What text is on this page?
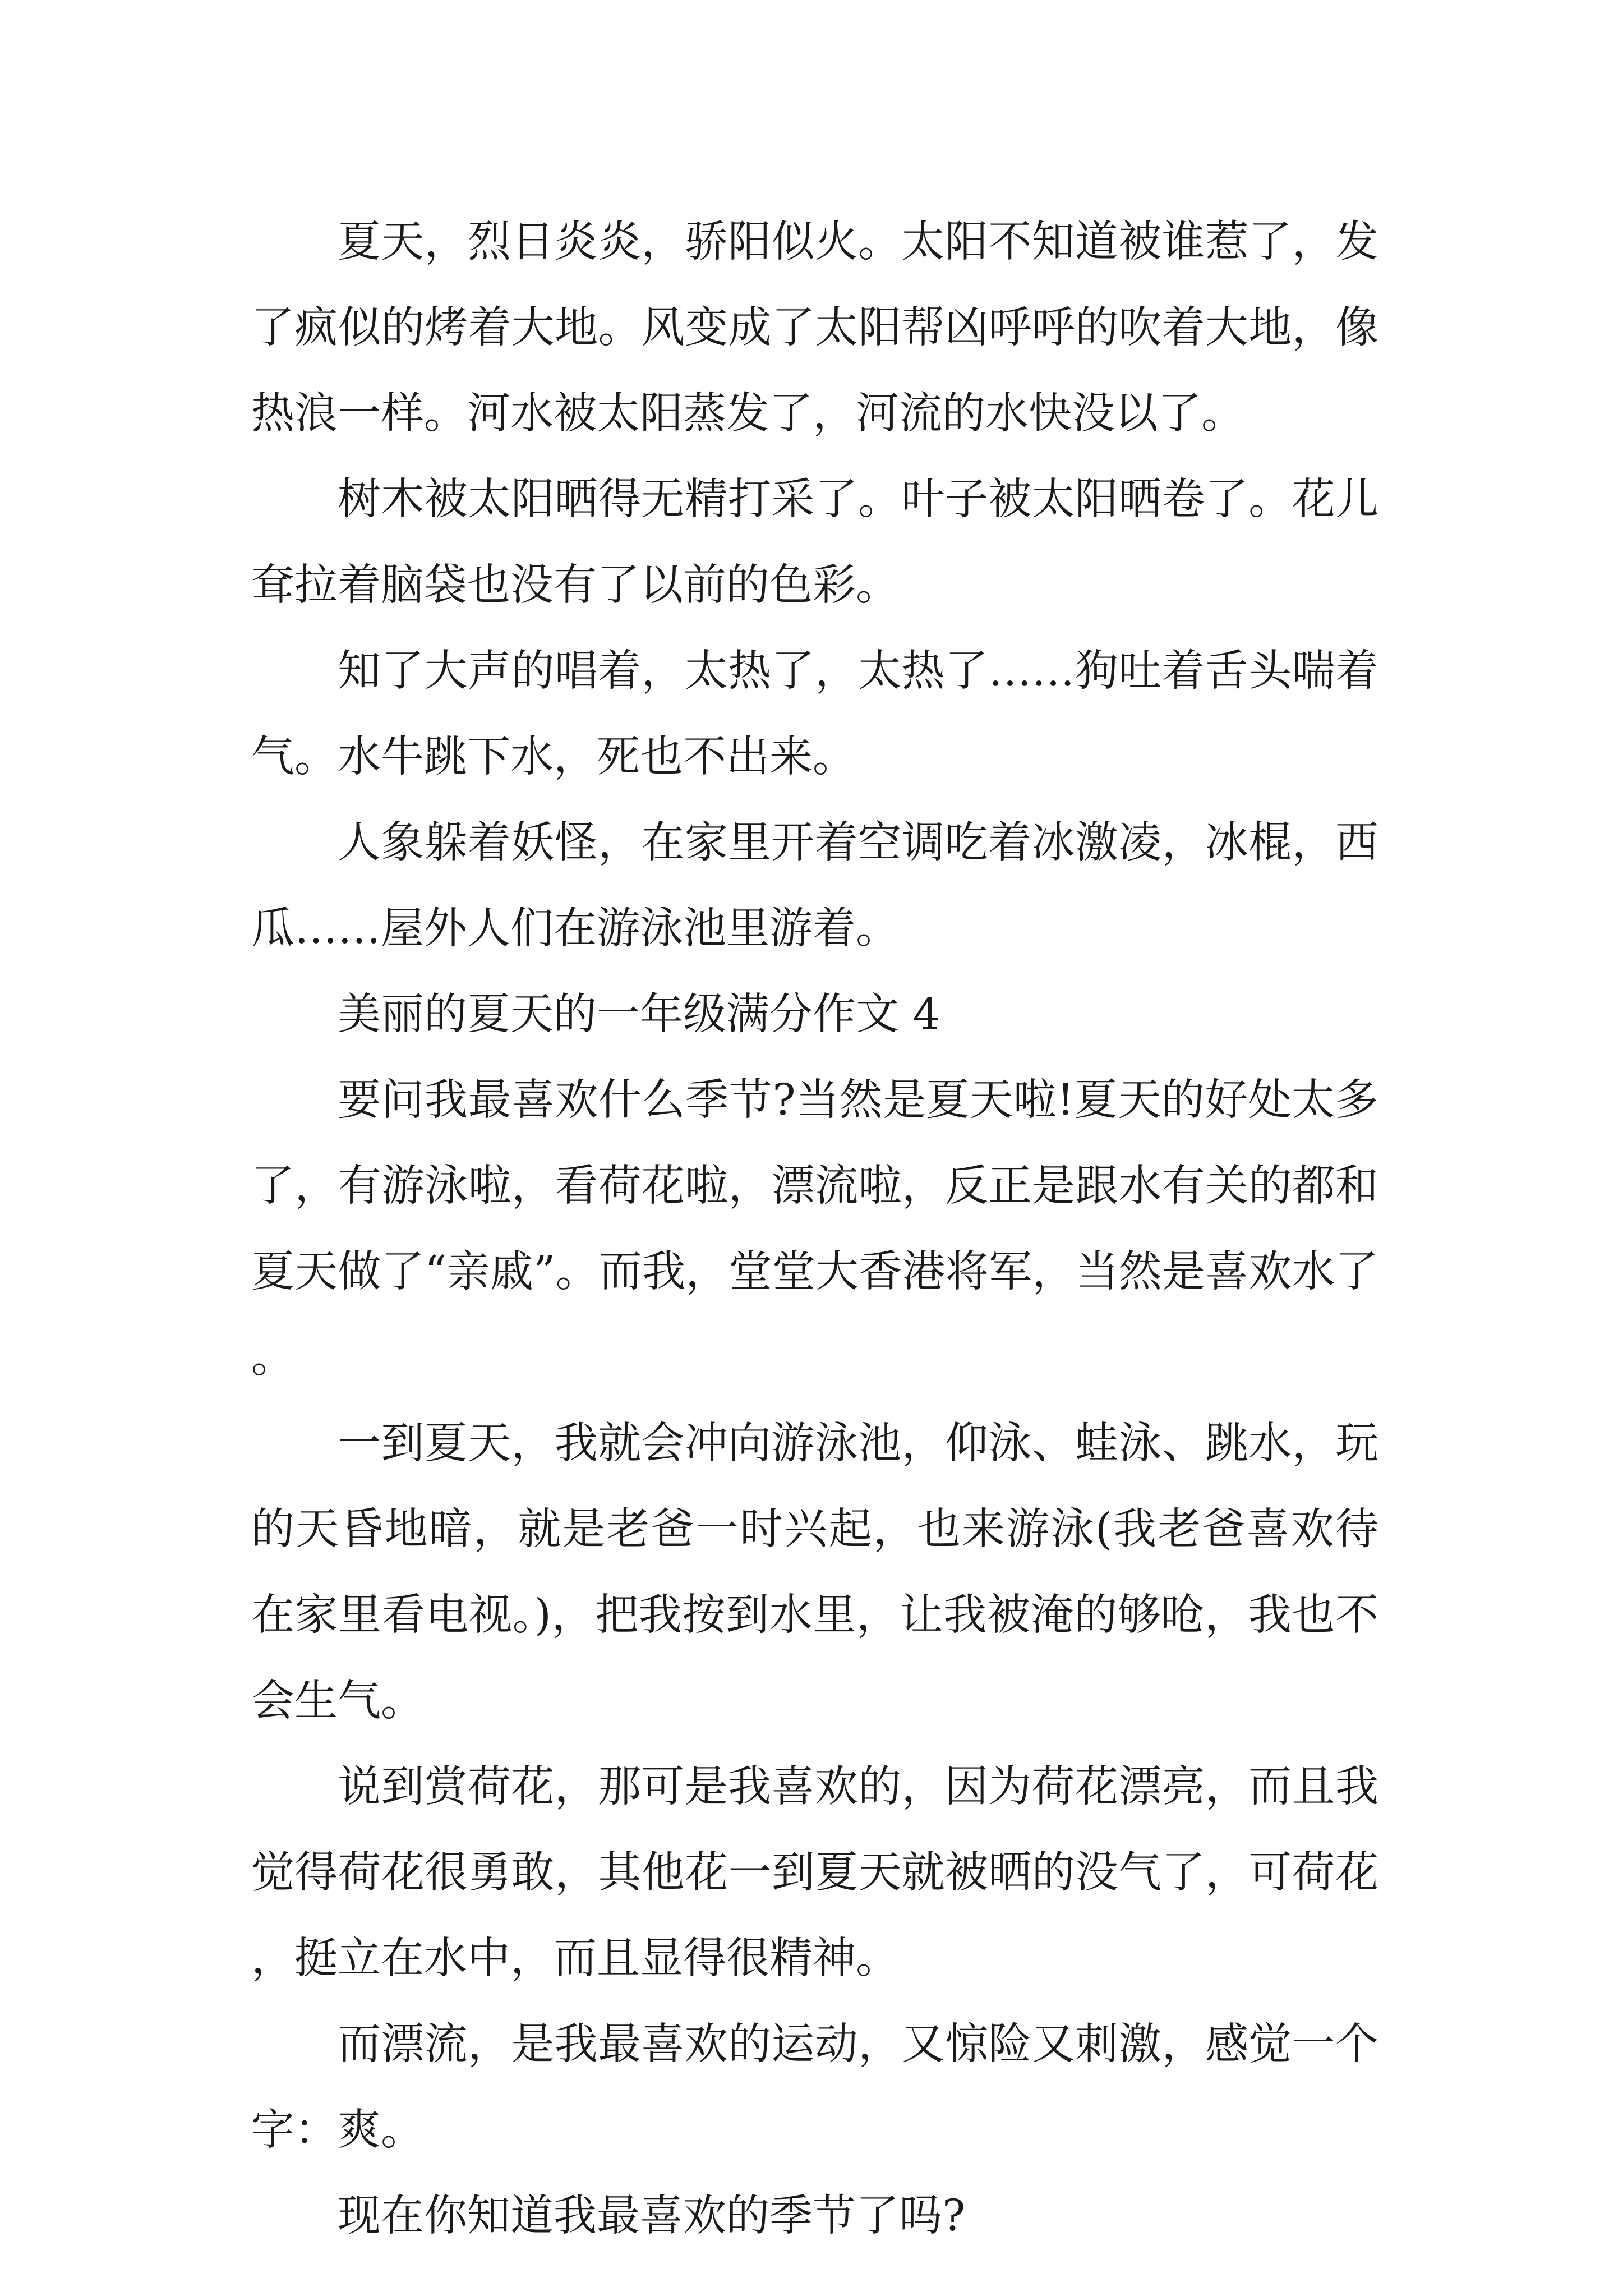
夏天，烈日炎炎，骄阳似火。太阳不知道被谁惹了，发了疯似的烤着大地。风变成了太阳帮凶呼呼的吹着大地，像热浪一样。河水被太阳蒸发了，河流的水快没以了。

树木被太阳晒得无精打采了。叶子被太阳晒卷了。花儿耷拉着脑袋也没有了以前的色彩。

知了大声的唱着，太热了，太热了……狗吐着舌头喘着气。水牛跳下水，死也不出来。

人象躲着妖怪，在家里开着空调吃着冰激凌，冰棍，西瓜……屋外人们在游泳池里游着。

美丽的夏天的一年级满分作文 4

要问我最喜欢什么季节?当然是夏天啦!夏天的好处太多了，有游泳啦，看荷花啦，漂流啦，反正是跟水有关的都和夏天做了“亲戚”。而我，堂堂大香港将军，当然是喜欢水了。

一到夏天，我就会冲向游泳池，仰泳、蛙泳、跳水，玩的天昏地暗，就是老爸一时兴起，也来游泳(我老爸喜欢待在家里看电视。)，把我按到水里，让我被淹的够呛，我也不会生气。

说到赏荷花，那可是我喜欢的，因为荷花漂亮，而且我觉得荷花很勇敢，其他花一到夏天就被晒的没气了，可荷花，挺立在水中，而且显得很精神。

而漂流，是我最喜欢的运动，又惊险又刺激，感觉一个字：爽。

现在你知道我最喜欢的季节了吗?
